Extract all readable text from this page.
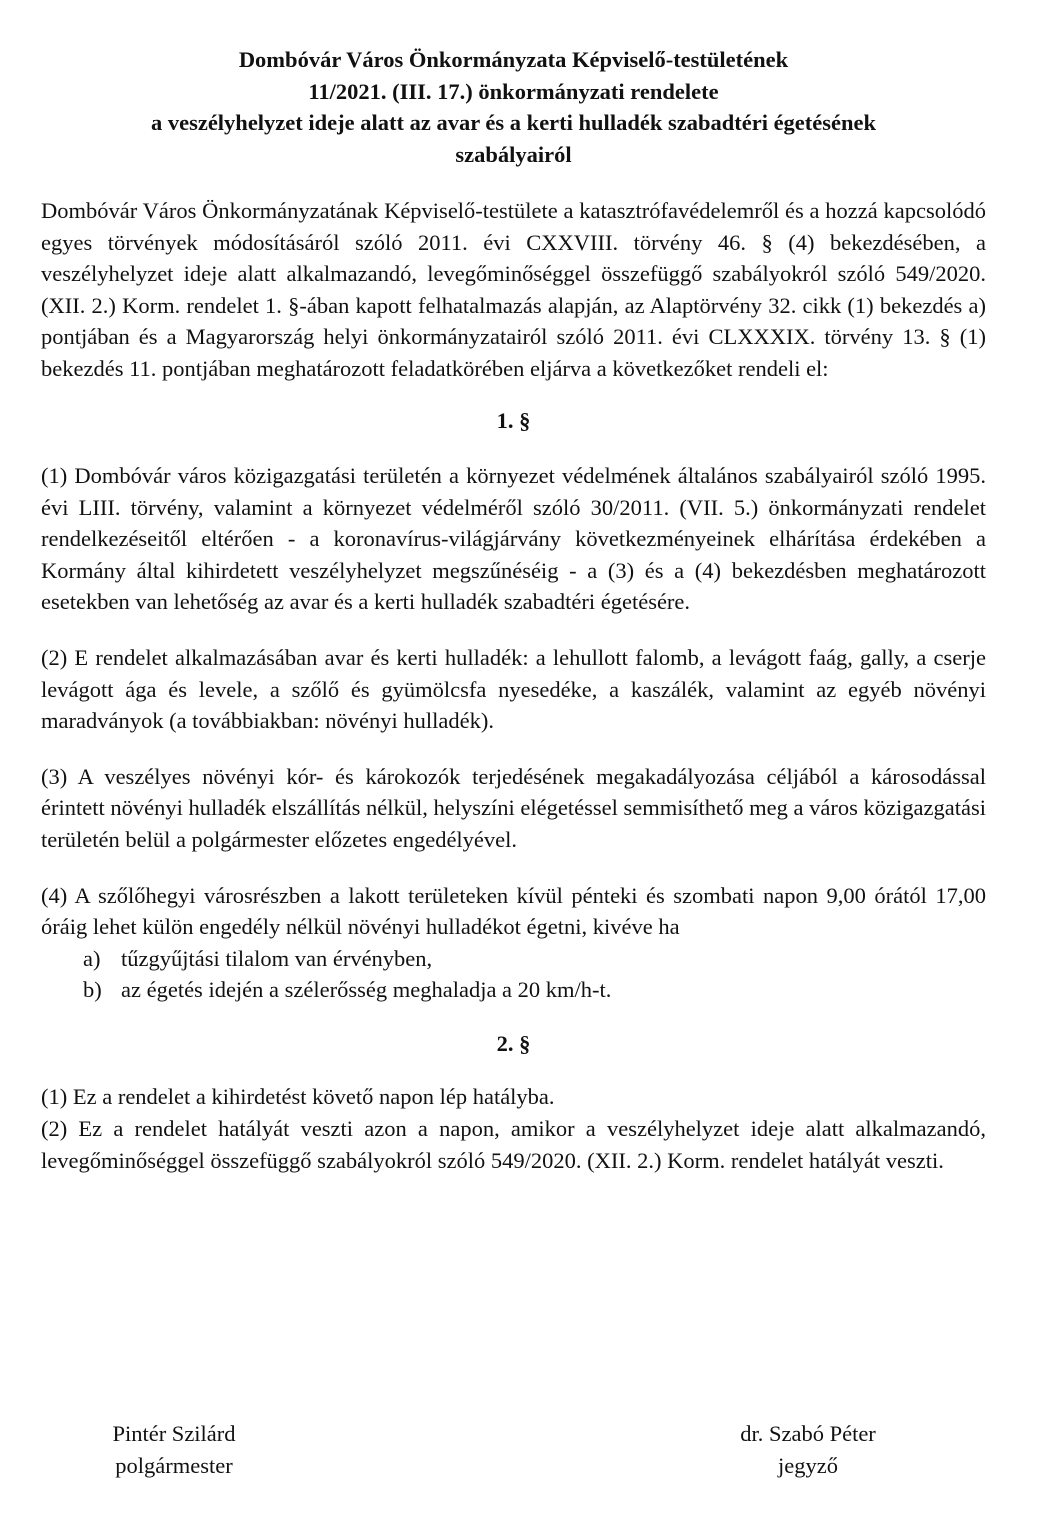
Dombóvár Város Önkormányzata Képviselő-testületének
11/2021. (III. 17.) önkormányzati rendelete
a veszélyhelyzet ideje alatt az avar és a kerti hulladék szabadtéri égetésének
szabályairól

Dombóvár Város Önkormányzatának Képviselő-testülete a katasztrófavédelemről és a hozzá kapcsolódó egyes törvények módosításáról szóló 2011. évi CXXVIII. törvény 46. § (4) bekezdésében, a veszélyhelyzet ideje alatt alkalmazandó, levegőminőséggel összefüggő szabályokról szóló 549/2020. (XII. 2.) Korm. rendelet 1. §-ában kapott felhatalmazás alapján, az Alaptörvény 32. cikk (1) bekezdés a) pontjában és a Magyarország helyi önkormányzatairól szóló 2011. évi CLXXXIX. törvény 13. § (1) bekezdés 11. pontjában meghatározott feladatkörében eljárva a következőket rendeli el:

1. §

(1) Dombóvár város közigazgatási területén a környezet védelmének általános szabályairól szóló 1995. évi LIII. törvény, valamint a környezet védelméről szóló 30/2011. (VII. 5.) önkormányzati rendelet rendelkezéseitől eltérően - a koronavírus-világjárvány következményeinek elhárítása érdekében a Kormány által kihirdetett veszélyhelyzet megszűnéséig - a (3) és a (4) bekezdésben meghatározott esetekben van lehetőség az avar és a kerti hulladék szabadtéri égetésére.

(2) E rendelet alkalmazásában avar és kerti hulladék: a lehullott falomb, a levágott faág, gally, a cserje levágott ága és levele, a szőlő és gyümölcsfa nyesedéke, a kaszálék, valamint az egyéb növényi maradványok (a továbbiakban: növényi hulladék).

(3) A veszélyes növényi kór- és károkozók terjedésének megakadályozása céljából a károsodással érintett növényi hulladék elszállítás nélkül, helyszíni elégetéssel semmisíthető meg a város közigazgatási területén belül a polgármester előzetes engedélyével.

(4) A szőlőhegyi városrészben a lakott területeken kívül pénteki és szombati napon 9,00 órától 17,00 óráig lehet külön engedély nélkül növényi hulladékot égetni, kivéve ha

a) tűzgyűjtási tilalom van érvényben,
b) az égetés idején a szélerősség meghaladja a 20 km/h-t.
2. §

(1) Ez a rendelet a kihirdetést követő napon lép hatályba.

(2) Ez a rendelet hatályát veszti azon a napon, amikor a veszélyhelyzet ideje alatt alkalmazandó, levegőminőséggel összefüggő szabályokról szóló 549/2020. (XII. 2.) Korm. rendelet hatályát veszti.

Pintér Szilárd
polgármester
dr. Szabó Péter
jegyző
